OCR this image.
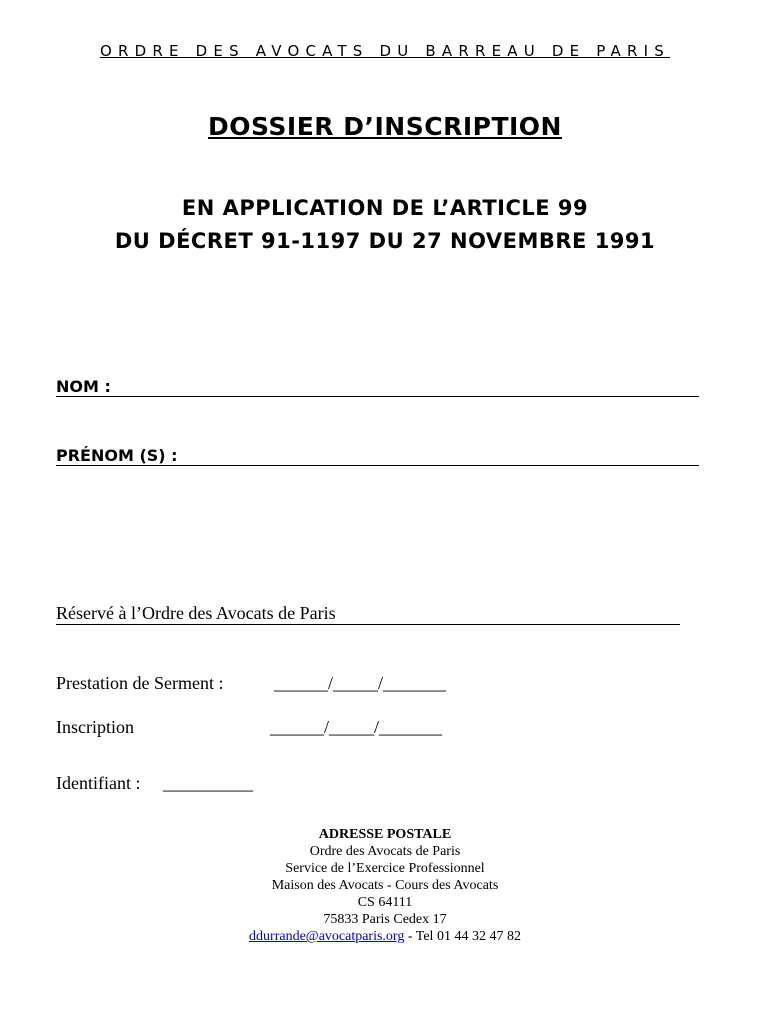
ORDRE DES AVOCATS DU BARREAU DE PARIS
DOSSIER D’INSCRIPTION
EN APPLICATION DE L’ARTICLE 99
DU DÉCRET 91-1197 DU 27 NOVEMBRE 1991
NOM :
PRÉNOM (S) :
Réservé à l’Ordre des Avocats de Paris
Prestation de Serment :	______/_____/_______
Inscription	______/_____/_______
Identifiant : __________
ADRESSE POSTALE
Ordre des Avocats de Paris
Service de l’Exercice Professionnel
Maison des Avocats - Cours des Avocats
CS 64111
75833 Paris Cedex 17
ddurrande@avocatparis.org - Tel 01 44 32 47 82
